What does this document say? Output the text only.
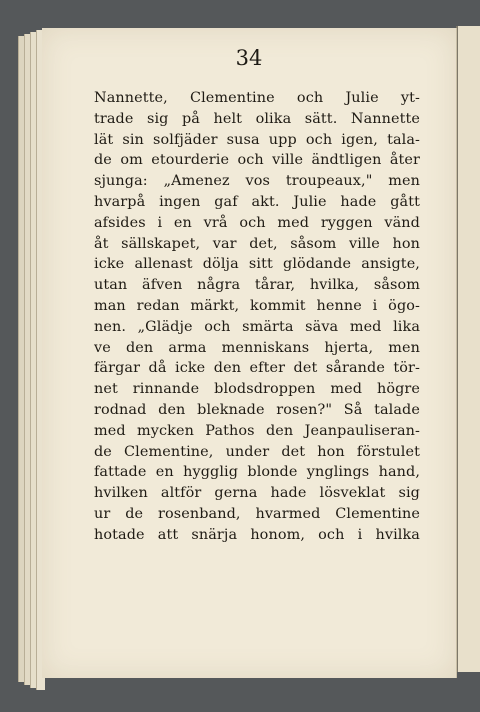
34
Nannette, Clementine och Julie yt-
trade sig på helt olika sätt. Nannette
lät sin solfjäder susa upp och igen, tala-
de om etourderie och ville ändtligen åter
sjunga: „Amenez vos troupeaux," men
hvarpå ingen gaf akt. Julie hade gått
afsides i en vrå och med ryggen vänd
åt sällskapet, var det, såsom ville hon
icke allenast dölja sitt glödande ansigte,
utan äfven några tårar, hvilka, såsom
man redan märkt, kommit henne i ögo-
nen. „Glädje och smärta säva med lika
ve den arma menniskans hjerta, men
färgar då icke den efter det sårande tör-
net rinnande blodsdroppen med högre
rodnad den bleknade rosen?" Så talade
med mycken Pathos den Jeanpauliseran-
de Clementine, under det hon förstulet
fattade en hygglig blonde ynglings hand,
hvilken altför gerna hade lösveklat sig
ur de rosenband, hvarmed Clementine
hotade att snärja honom, och i hvilka
